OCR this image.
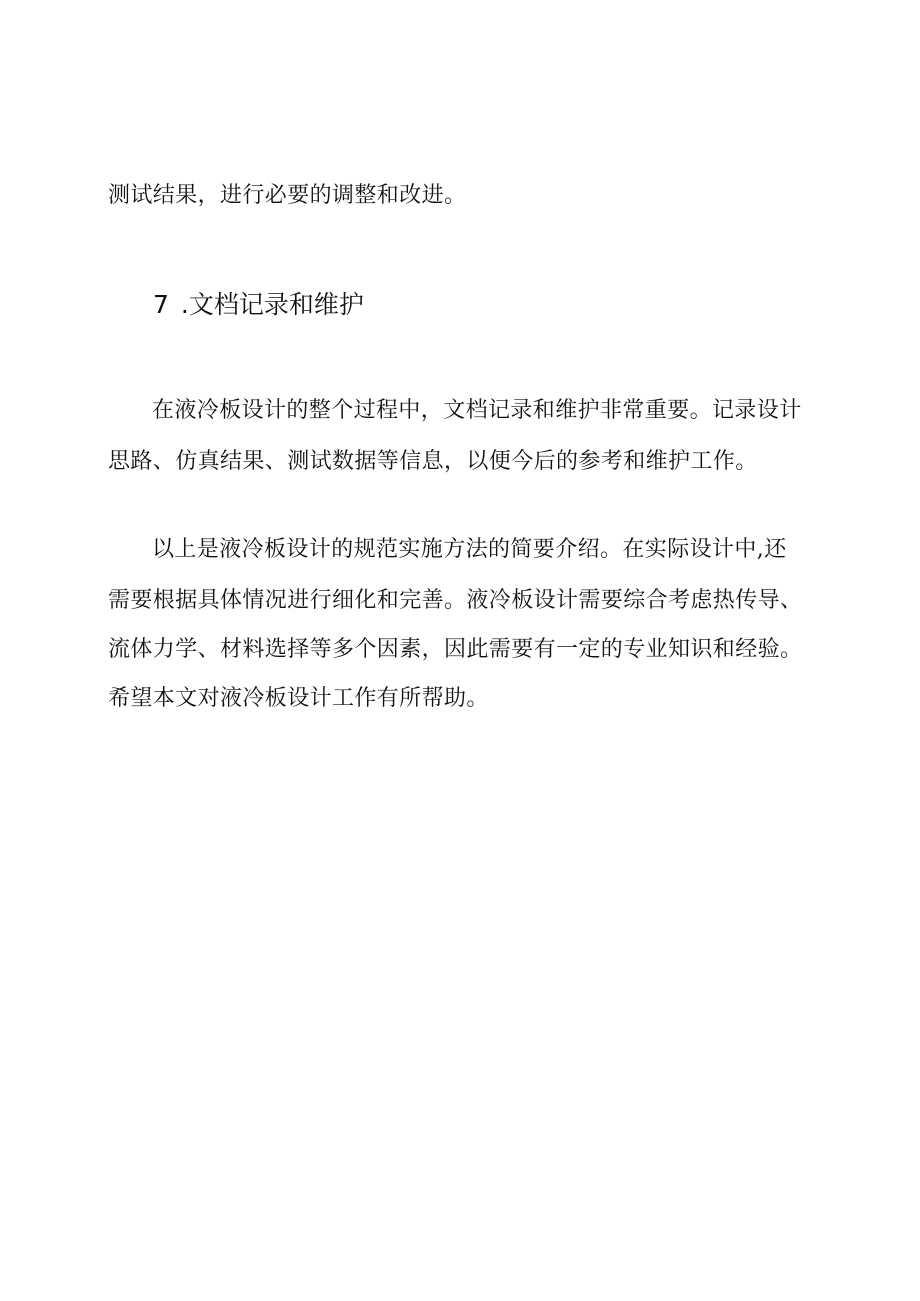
测试结果，进行必要的调整和改进。
7 .文档记录和维护
在液冷板设计的整个过程中，文档记录和维护非常重要。记录设计
思路、仿真结果、测试数据等信息，以便今后的参考和维护工作。
以上是液冷板设计的规范实施方法的简要介绍。在实际设计中,还
需要根据具体情况进行细化和完善。液冷板设计需要综合考虑热传导、
流体力学、材料选择等多个因素，因此需要有一定的专业知识和经验。
希望本文对液冷板设计工作有所帮助。
